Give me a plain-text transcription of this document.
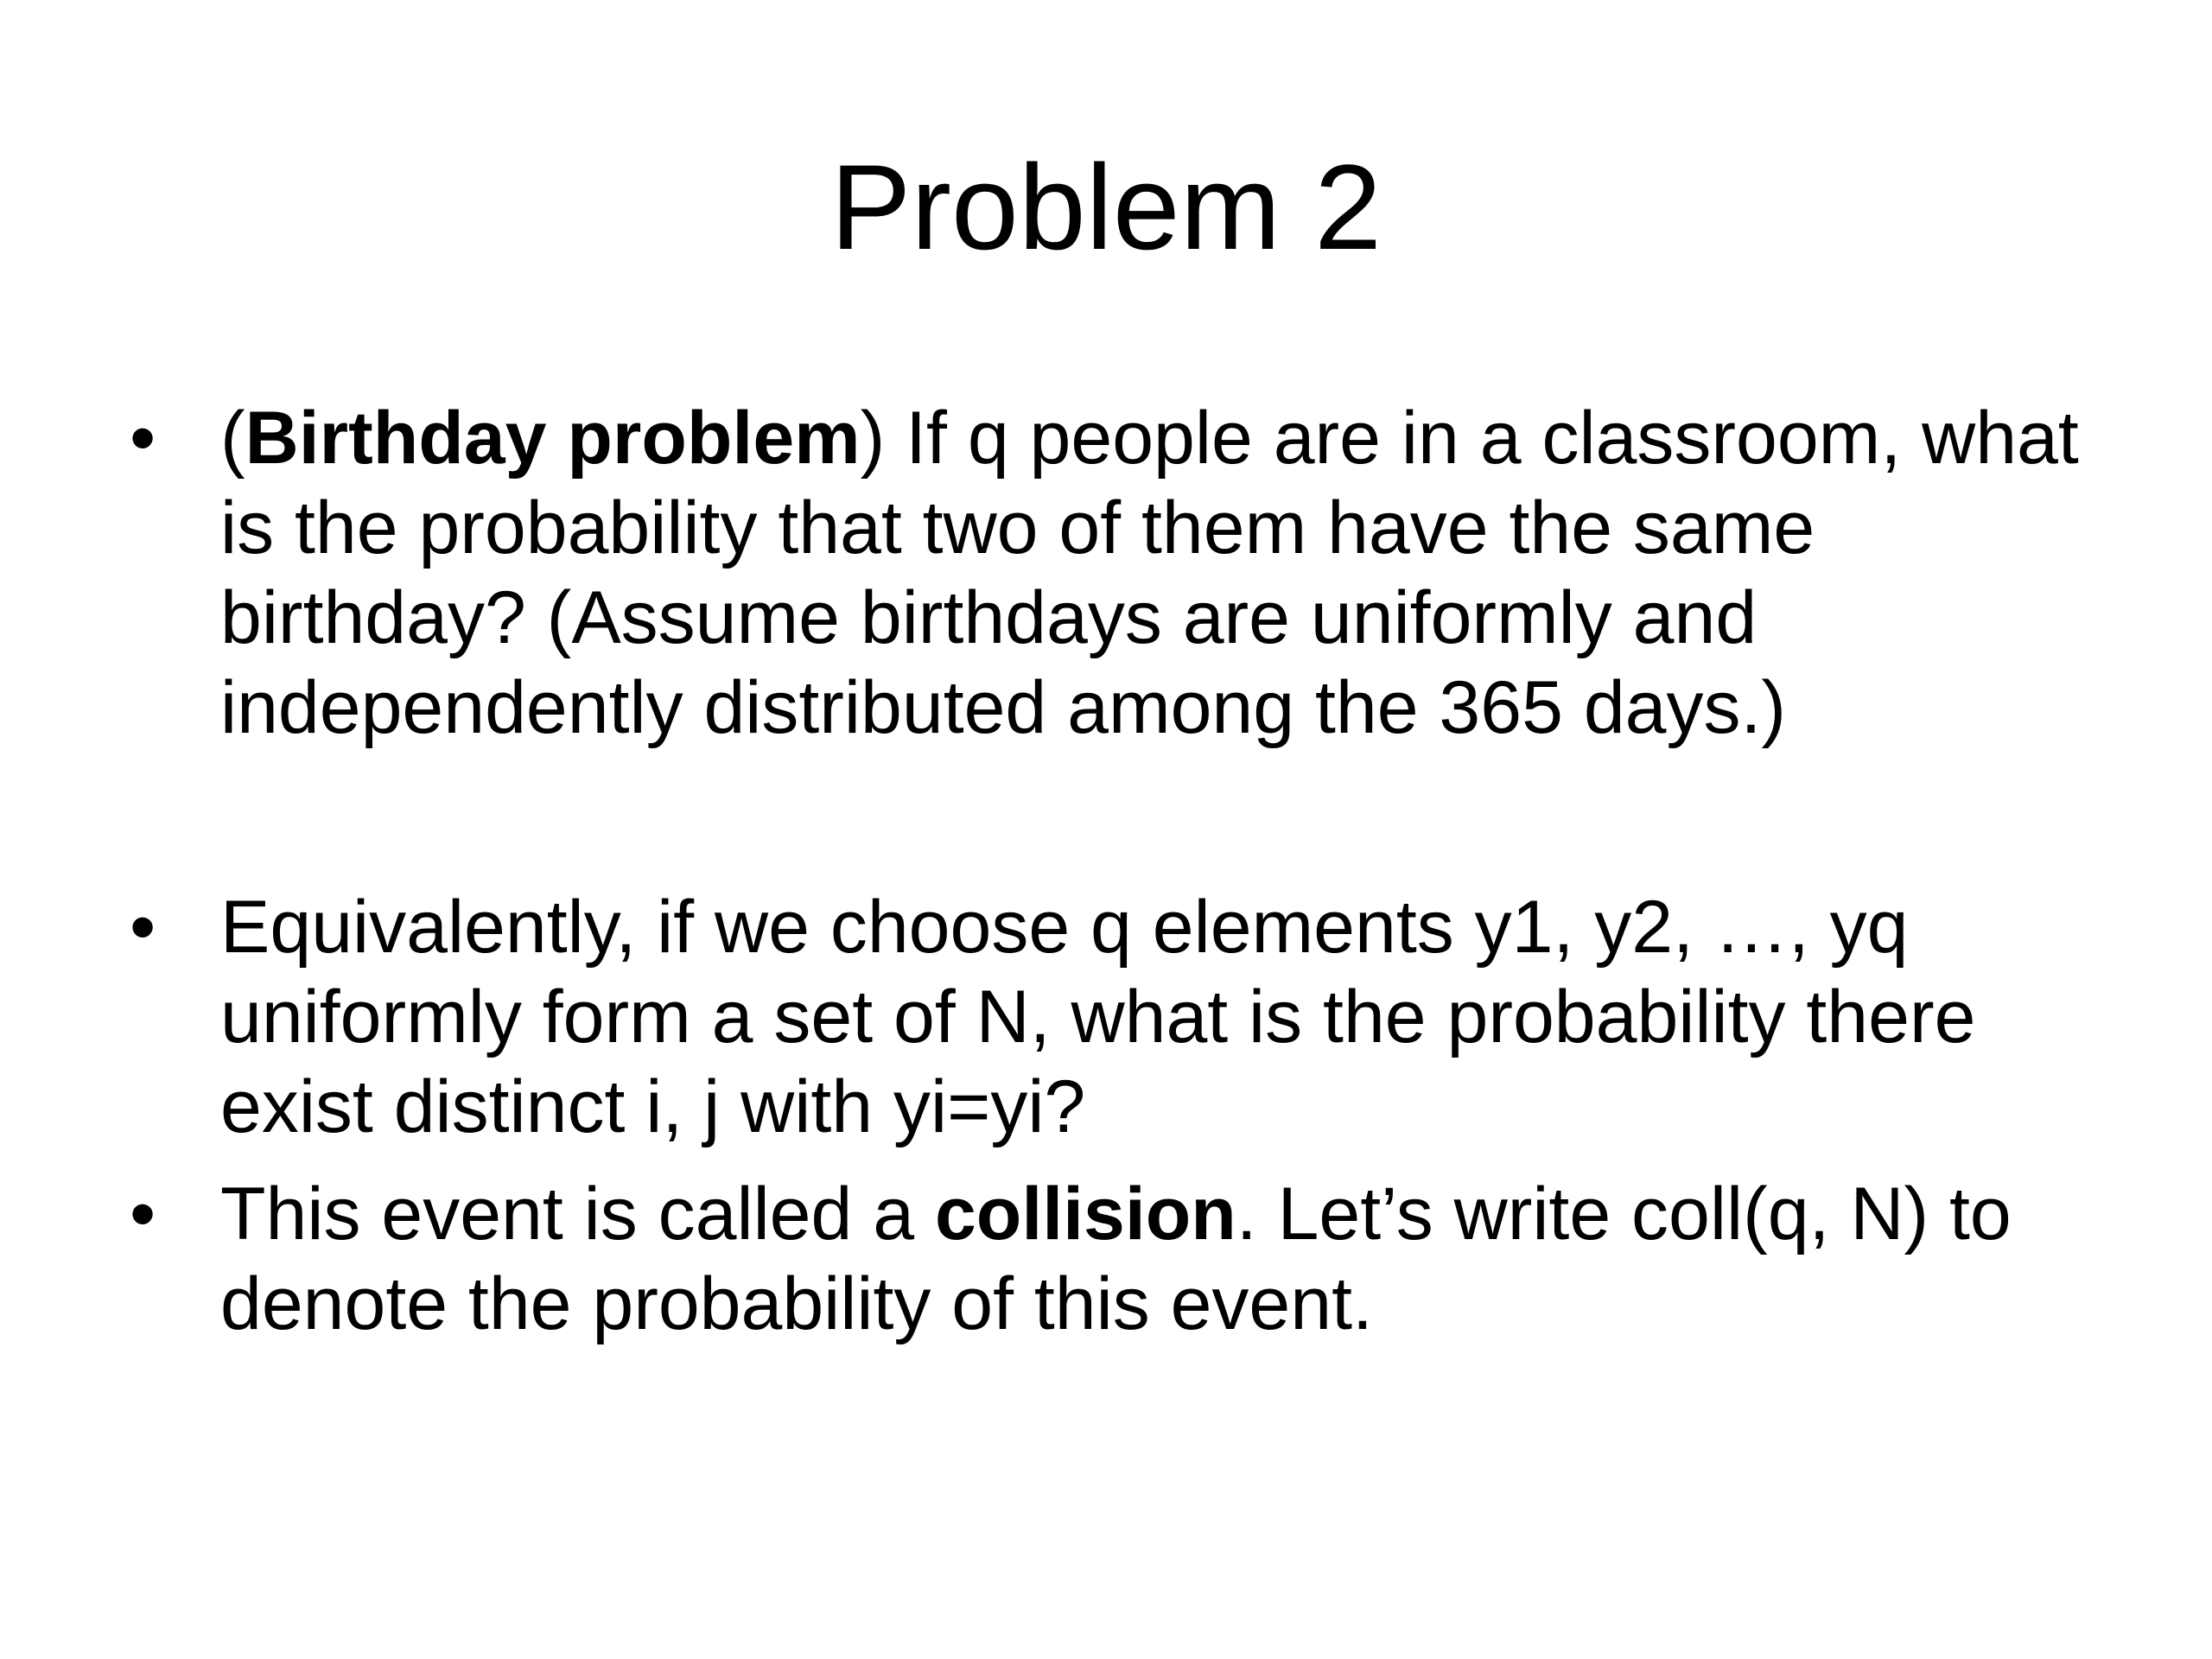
Problem 2
• (Birthday problem) If q people are in a classroom, what is the probability that two of them have the same birthday? (Assume birthdays are uniformly and independently distributed among the 365 days.)
• Equivalently, if we choose q elements y1, y2, …, yq uniformly form a set of N, what is the probability there exist distinct i, j with yi=yi?
• This event is called a collision. Let’s write coll(q, N) to denote the probability of this event.
